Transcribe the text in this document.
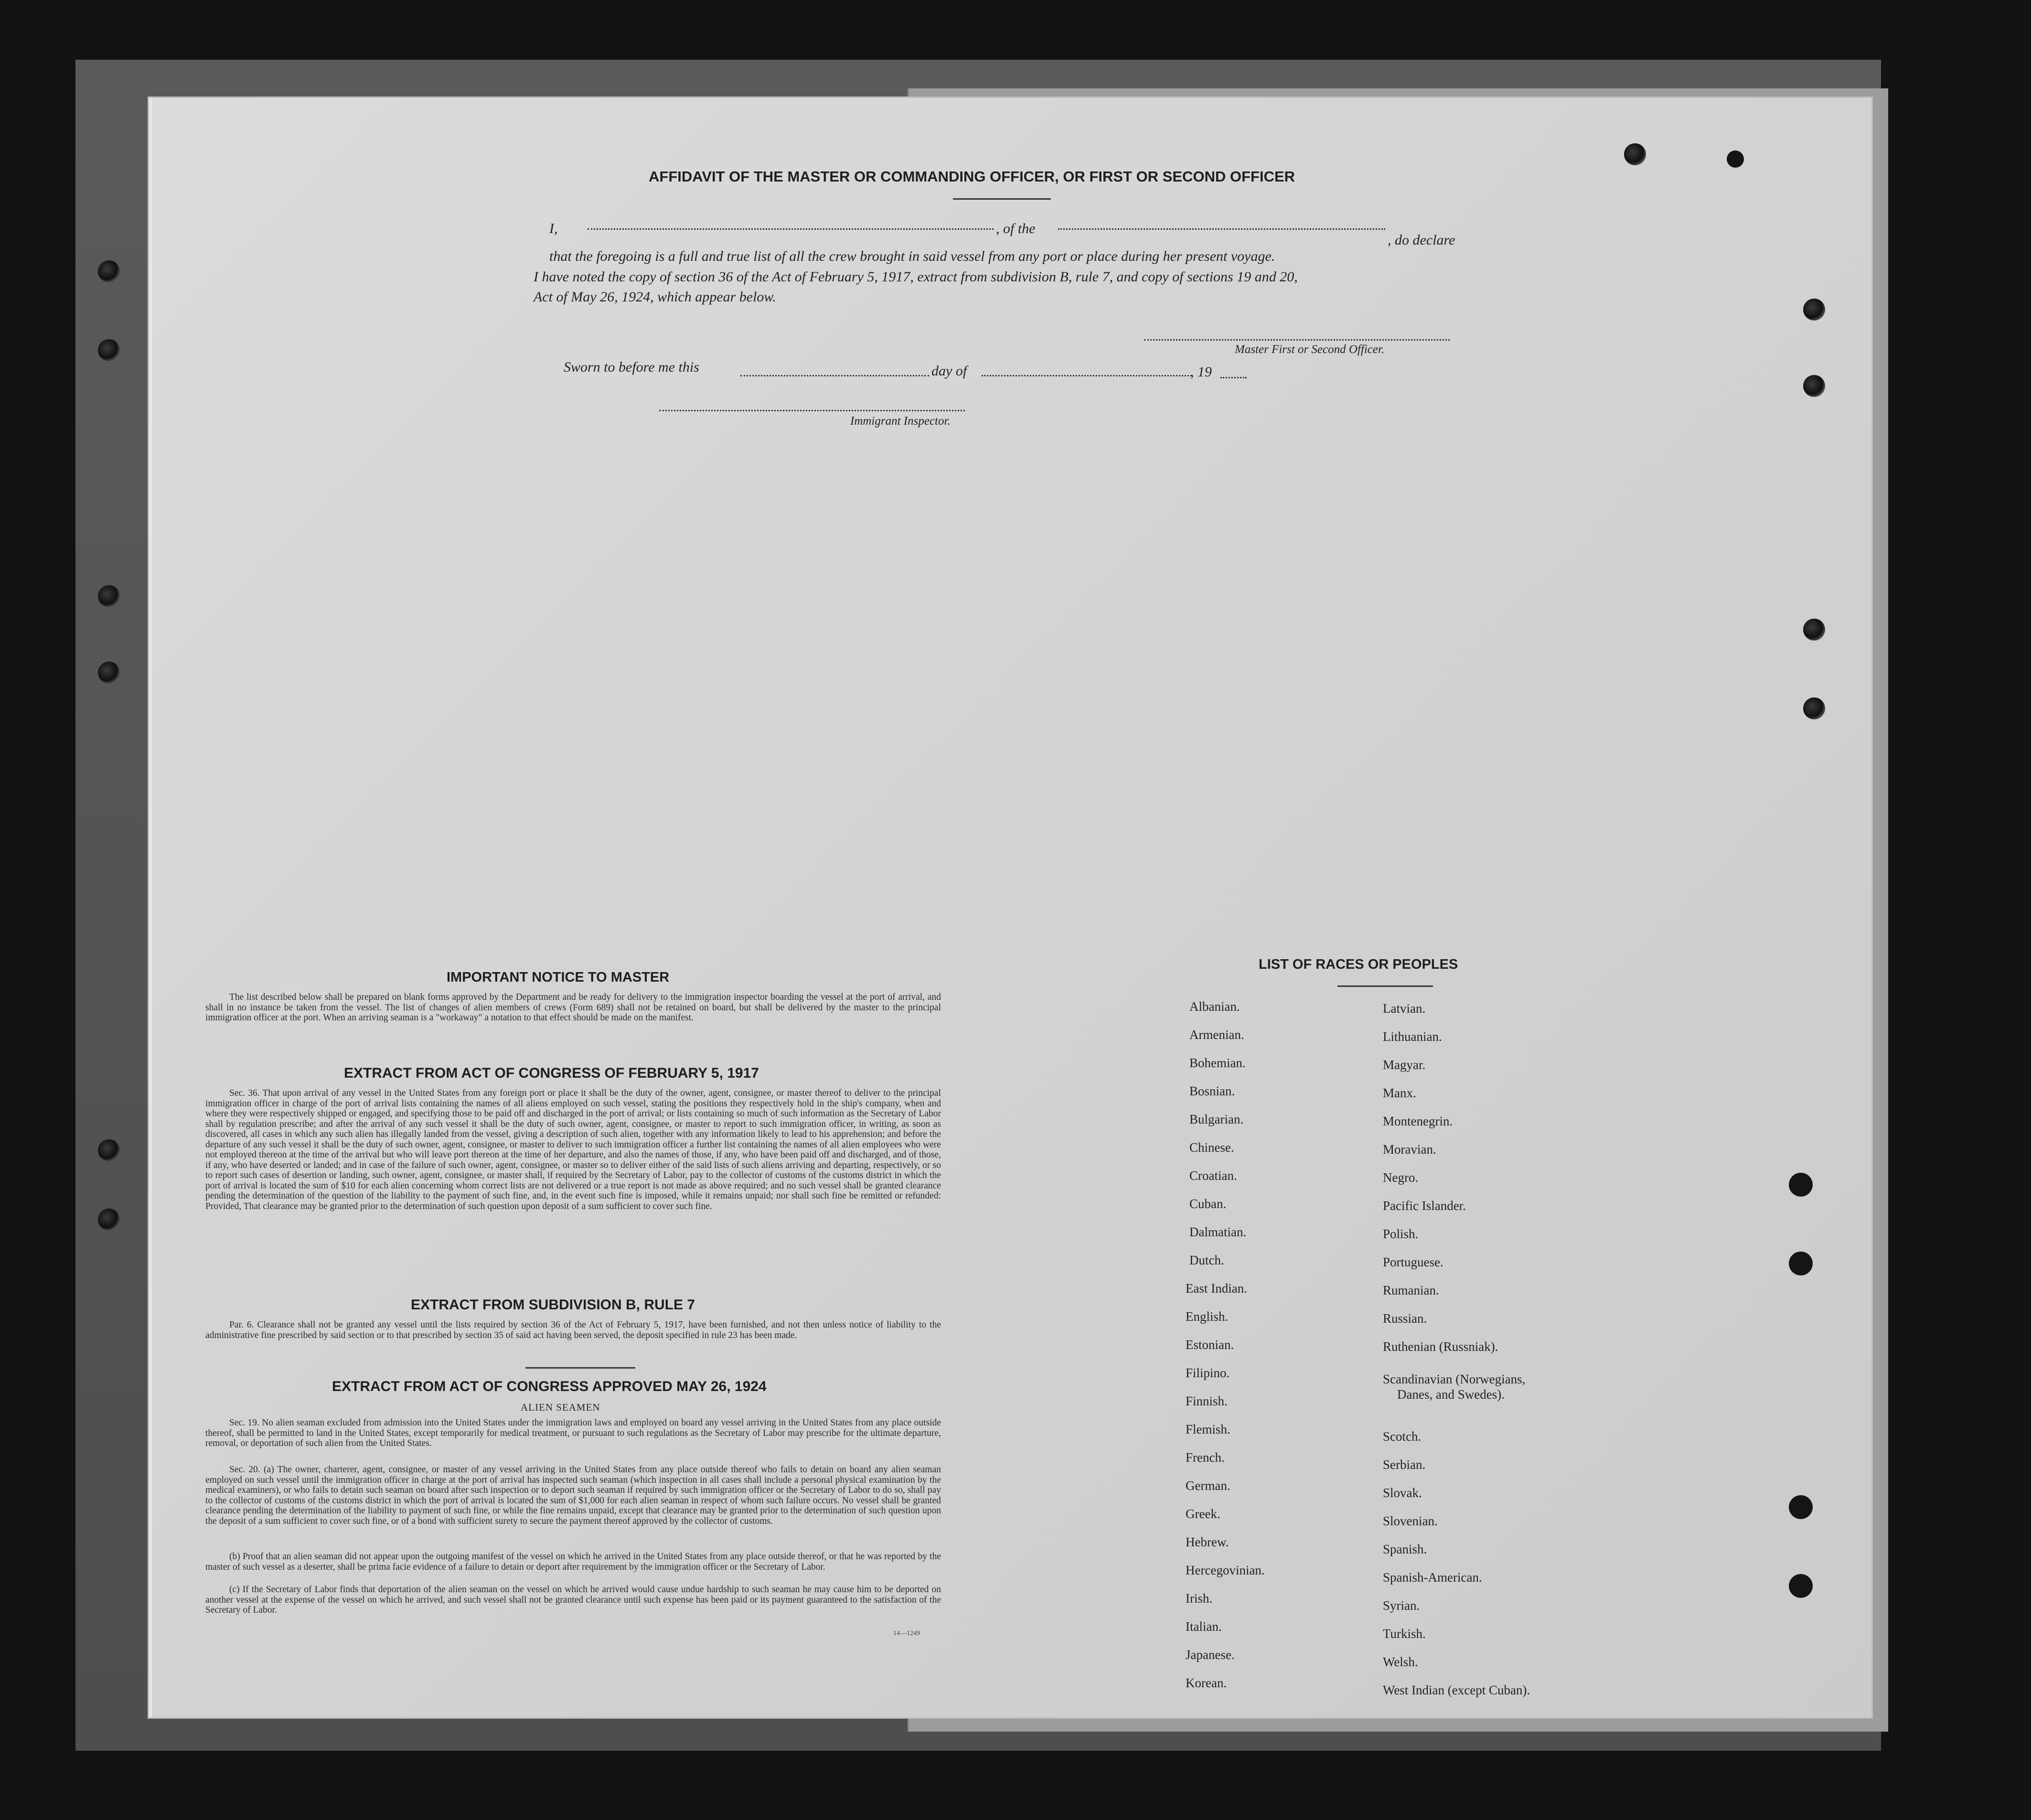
AFFIDAVIT OF THE MASTER OR COMMANDING OFFICER, OR FIRST OR SECOND OFFICER
I,	, of the
, do declare
that the foregoing is a full and true list of all the crew brought in said vessel from any port or place during her present voyage.
I have noted the copy of section 36 of the Act of February 5, 1917, extract from subdivision B, rule 7, and copy of sections 19 and 20,
Act of May 26, 1924, which appear below.
Master First or Second Officer.
Sworn to before me this	day of	, 19
Immigrant Inspector.
IMPORTANT NOTICE TO MASTER
The list described below shall be prepared on blank forms approved by the Department and be ready for delivery to the immigration inspector boarding the vessel at the port of arrival, and shall in no instance be taken from the vessel. The list of changes of alien members of crews (Form 689) shall not be retained on board, but shall be delivered by the master to the principal immigration officer at the port. When an arriving seaman is a "workaway" a notation to that effect should be made on the manifest.
EXTRACT FROM ACT OF CONGRESS OF FEBRUARY 5, 1917
Sec. 36. That upon arrival of any vessel in the United States from any foreign port or place it shall be the duty of the owner, agent, consignee, or master thereof to deliver to the principal immigration officer in charge of the port of arrival lists containing the names of all aliens employed on such vessel, stating the positions they respectively hold in the ship's company, when and where they were respectively shipped or engaged, and specifying those to be paid off and discharged in the port of arrival; or lists containing so much of such information as the Secretary of Labor shall by regulation prescribe; and after the arrival of any such vessel it shall be the duty of such owner, agent, consignee, or master to report to such immigration officer, in writing, as soon as discovered, all cases in which any such alien has illegally landed from the vessel, giving a description of such alien, together with any information likely to lead to his apprehension; and before the departure of any such vessel it shall be the duty of such owner, agent, consignee, or master to deliver to such immigration officer a further list containing the names of all alien employees who were not employed thereon at the time of the arrival but who will leave port thereon at the time of her departure, and also the names of those, if any, who have been paid off and discharged, and of those, if any, who have deserted or landed; and in case of the failure of such owner, agent, consignee, or master so to deliver either of the said lists of such aliens arriving and departing, respectively, or so to report such cases of desertion or landing, such owner, agent, consignee, or master shall, if required by the Secretary of Labor, pay to the collector of customs of the customs district in which the port of arrival is located the sum of $10 for each alien concerning whom correct lists are not delivered or a true report is not made as above required; and no such vessel shall be granted clearance pending the determination of the question of the liability to the payment of such fine, and, in the event such fine is imposed, while it remains unpaid; nor shall such fine be remitted or refunded: Provided, That clearance may be granted prior to the determination of such question upon deposit of a sum sufficient to cover such fine.
EXTRACT FROM SUBDIVISION B, RULE 7
Par. 6. Clearance shall not be granted any vessel until the lists required by section 36 of the Act of February 5, 1917, have been furnished, and not then unless notice of liability to the administrative fine prescribed by said section or to that prescribed by section 35 of said act having been served, the deposit specified in rule 23 has been made.
EXTRACT FROM ACT OF CONGRESS APPROVED MAY 26, 1924
ALIEN SEAMEN
Sec. 19. No alien seaman excluded from admission into the United States under the immigration laws and employed on board any vessel arriving in the United States from any place outside thereof, shall be permitted to land in the United States, except temporarily for medical treatment, or pursuant to such regulations as the Secretary of Labor may prescribe for the ultimate departure, removal, or deportation of such alien from the United States.
Sec. 20. (a) The owner, charterer, agent, consignee, or master of any vessel arriving in the United States from any place outside thereof who fails to detain on board any alien seaman employed on such vessel until the immigration officer in charge at the port of arrival has inspected such seaman (which inspection in all cases shall include a personal physical examination by the medical examiners), or who fails to detain such seaman on board after such inspection or to deport such seaman if required by such immigration officer or the Secretary of Labor to do so, shall pay to the collector of customs of the customs district in which the port of arrival is located the sum of $1,000 for each alien seaman in respect of whom such failure occurs. No vessel shall be granted clearance pending the determination of the liability to payment of such fine, or while the fine remains unpaid, except that clearance may be granted prior to the determination of such question upon the deposit of a sum sufficient to cover such fine, or of a bond with sufficient surety to secure the payment thereof approved by the collector of customs.
(b) Proof that an alien seaman did not appear upon the outgoing manifest of the vessel on which he arrived in the United States from any place outside thereof, or that he was reported by the master of such vessel as a deserter, shall be prima facie evidence of a failure to detain or deport after requirement by the immigration officer or the Secretary of Labor.
(c) If the Secretary of Labor finds that deportation of the alien seaman on the vessel on which he arrived would cause undue hardship to such seaman he may cause him to be deported on another vessel at the expense of the vessel on which he arrived, and such vessel shall not be granted clearance until such expense has been paid or its payment guaranteed to the satisfaction of the Secretary of Labor.
14—1249
LIST OF RACES OR PEOPLES
Albanian.
Armenian.
Bohemian.
Bosnian.
Bulgarian.
Chinese.
Croatian.
Cuban.
Dalmatian.
Dutch.
East Indian.
English.
Estonian.
Filipino.
Finnish.
Flemish.
French.
German.
Greek.
Hebrew.
Hercegovinian.
Irish.
Italian.
Japanese.
Korean.
Latvian.
Lithuanian.
Magyar.
Manx.
Montenegrin.
Moravian.
Negro.
Pacific Islander.
Polish.
Portuguese.
Rumanian.
Russian.
Ruthenian (Russniak).
Scandinavian (Norwegians,
Danes, and Swedes).
Scotch.
Serbian.
Slovak.
Slovenian.
Spanish.
Spanish-American.
Syrian.
Turkish.
Welsh.
West Indian (except Cuban).
